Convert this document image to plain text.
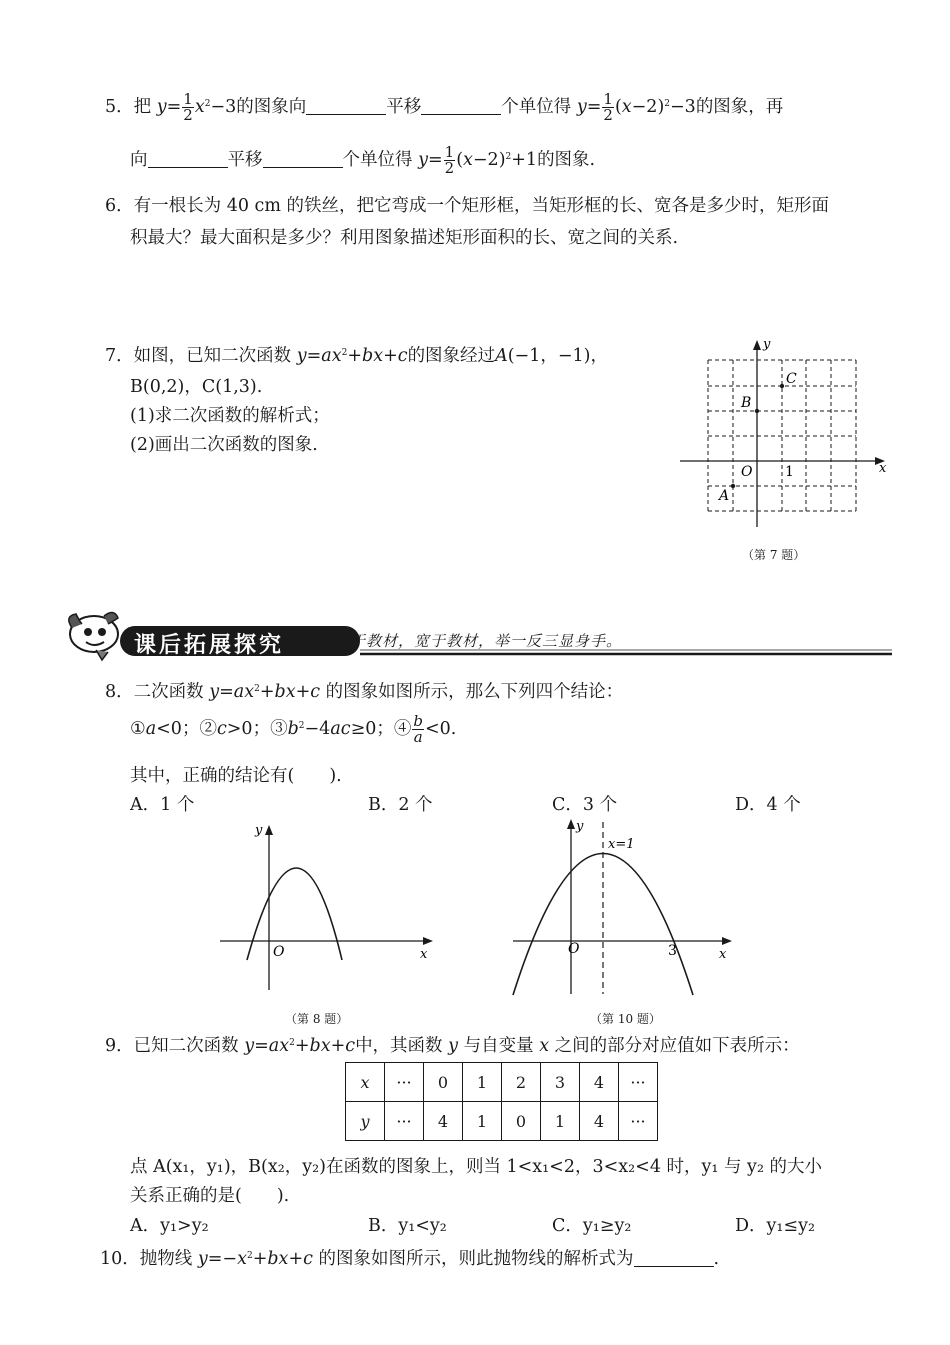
5．把 $y= \frac{1}{2} x^2-3$的图象向	平移	个单位得 $y= \frac{1}{2} (x-2)^2-3$的图象，再
向	平移	个单位得 $y= \frac{1}{2} (x-2)^2+1$的图象.
6．有一根长为 40 cm 的铁丝，把它弯成一个矩形框，当矩形框的长、宽各是多少时，矩形面
积最大？最大面积是多少？利用图象描述矩形面积的长、宽之间的关系.
7．如图，已知二次函数 $y=ax^2+bx+c$的图象经过A(−1，−1)，
B(0,2)，C(1,3).
(1)求二次函数的解析式；
(2)画出二次函数的图象.
y
x
O 1
A
B
C
（第 7 题）
课后拓展探究	源于教材，宽于教材，举一反三显身手。
8．二次函数 $y=ax^2+bx+c$ 的图象如图所示，那么下列四个结论：
①a<0；②c>0；$③b^2-4ac\ge 0$；④ $\frac{b}{a} <0$.
其中，正确的结论有(　　).
A．1 个	B．2 个	C．3 个	D．4 个
y
x
O
（第 8 题）
y
x=1
x
O	3
（第 10 题）
9．已知二次函数 $y=ax^2+bx+c$中，其函数 y 与自变量 x 之间的部分对应值如下表所示：
x	···	0	1	2	3	4	···
y	···	4	1	0	1	4	···
点 A(x₁，y₁)，B(x₂，y₂)在函数的图象上，则当 1<x₁<2，3<x₂<4 时，y₁ 与 y₂ 的大小
关系正确的是(　　).
A．y₁>y₂	B．y₁<y₂	C．y₁≥y₂	D．y₁≤y₂
10．抛物线 $y=-x^2+bx+c$ 的图象如图所示，则此抛物线的解析式为	.
